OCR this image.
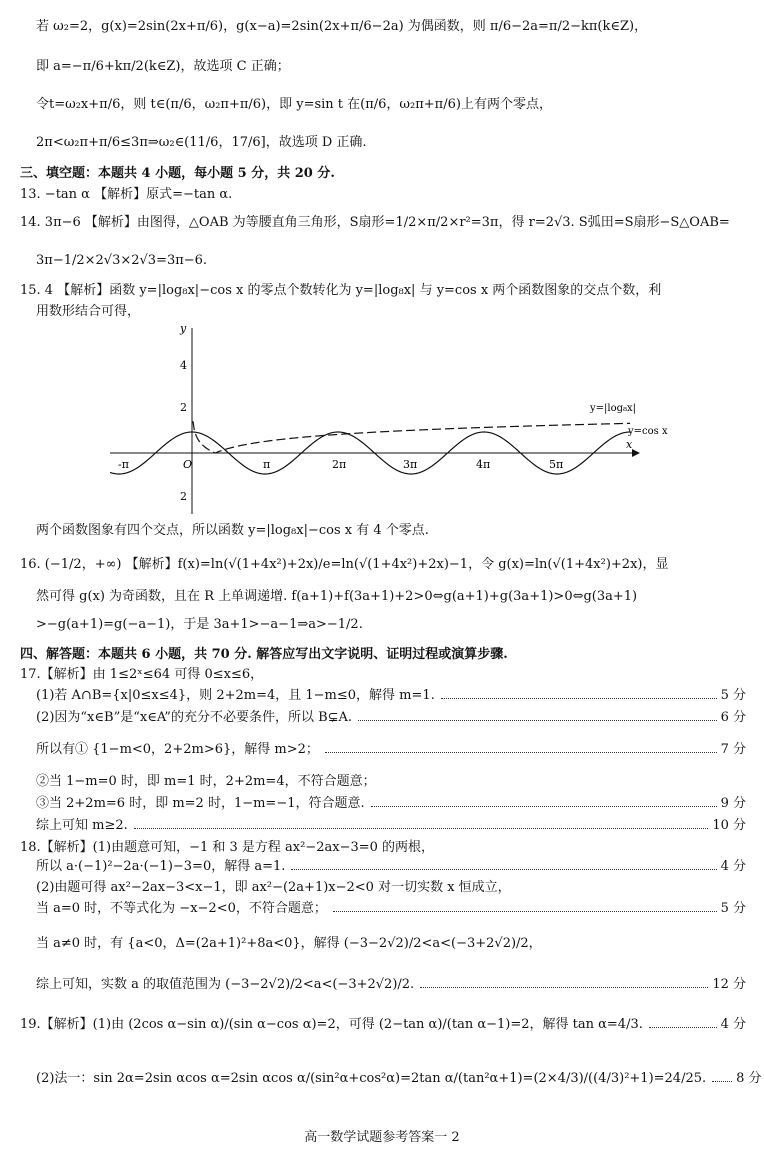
若 ω₂=2，g(x)=2sin(2x+π/6)，g(x−a)=2sin(2x+π/6−2a) 为偶函数，则 π/6−2a=π/2−kπ(k∈Z)，
即 a=−π/6+kπ/2(k∈Z)，故选项 C 正确；
令t=ω₂x+π/6，则 t∈(π/6，ω₂π+π/6)，即 y=sin t 在(π/6，ω₂π+π/6)上有两个零点，
2π<ω₂π+π/6≤3π⇒ω₂∈(11/6，17/6]，故选项 D 正确.
三、填空题：本题共 4 小题，每小题 5 分，共 20 分.
13. −tan α 【解析】原式=−tan α.
14. 3π−6 【解析】由图得，△OAB 为等腰直角三角形，S扇形=1/2×π/2×r²=3π，得 r=2√3. S弧田=S扇形−S△OAB=
3π−1/2×2√3×2√3=3π−6.
15. 4 【解析】函数 y=|log₈x|−cos x 的零点个数转化为 y=|log₈x| 与 y=cos x 两个函数图象的交点个数，利
用数形结合可得，
y
x
4
2
2
-π	O	π	2π	3π	4π	5π
y=|log₈x|
y=cos x
两个函数图象有四个交点，所以函数 y=|log₈x|−cos x 有 4 个零点.
16. (−1/2，+∞) 【解析】f(x)=ln(√(1+4x²)+2x)/e=ln(√(1+4x²)+2x)−1，令 g(x)=ln(√(1+4x²)+2x)，显
然可得 g(x) 为奇函数，且在 R 上单调递增. f(a+1)+f(3a+1)+2>0⇔g(a+1)+g(3a+1)>0⇔g(3a+1)
>−g(a+1)=g(−a−1)，于是 3a+1>−a−1⇒a>−1/2.
四、解答题：本题共 6 小题，共 70 分. 解答应写出文字说明、证明过程或演算步骤.
17.【解析】由 1≤2ˣ≤64 可得 0≤x≤6，
(1)若 A∩B={x|0≤x≤4}，则 2+2m=4，且 1−m≤0，解得 m=1.	5 分
(2)因为“x∈B”是“x∈A”的充分不必要条件，所以 B⊊A.	6 分
所以有① {1−m<0，2+2m>6}，解得 m>2；	7 分
②当 1−m=0 时，即 m=1 时，2+2m=4，不符合题意；
③当 2+2m=6 时，即 m=2 时，1−m=−1，符合题意.	9 分
综上可知 m≥2.	10 分
18.【解析】(1)由题意可知，−1 和 3 是方程 ax²−2ax−3=0 的两根，
所以 a·(−1)²−2a·(−1)−3=0，解得 a=1.	4 分
(2)由题可得 ax²−2ax−3<x−1，即 ax²−(2a+1)x−2<0 对一切实数 x 恒成立，
当 a=0 时，不等式化为 −x−2<0，不符合题意；	5 分
当 a≠0 时，有 {a<0，Δ=(2a+1)²+8a<0}，解得 (−3−2√2)/2<a<(−3+2√2)/2，
综上可知，实数 a 的取值范围为 (−3−2√2)/2<a<(−3+2√2)/2.	12 分
19.【解析】(1)由 (2cos α−sin α)/(sin α−cos α)=2，可得 (2−tan α)/(tan α−1)=2，解得 tan α=4/3.	4 分
(2)法一：sin 2α=2sin αcos α=2sin αcos α/(sin²α+cos²α)=2tan α/(tan²α+1)=(2×4/3)/((4/3)²+1)=24/25. 8 分
高一数学试题参考答案一 2
